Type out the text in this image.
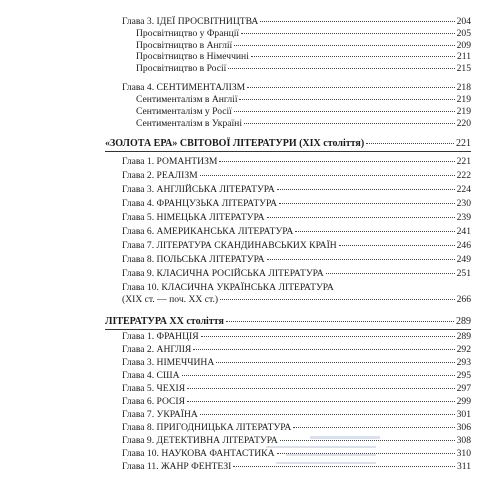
Глава 3. ІДЕЇ ПРОСВІТНИЦТВА	204
Просвітництво у Франції	205
Просвітництво в Англії	209
Просвітництво в Німеччині	211
Просвітництво в Росії	215
Глава 4. СЕНТИМЕНТАЛІЗМ	218
Сентименталізм в Англії	219
Сентименталізм у Росії	219
Сентименталізм в Україні	220
«ЗОЛОТА ЕРА» СВІТОВОЇ ЛІТЕРАТУРИ (XIX століття)	221
Глава 1. РОМАНТИЗМ	221
Глава 2. РЕАЛІЗМ	222
Глава 3. АНГЛІЙСЬКА ЛІТЕРАТУРА	224
Глава 4. ФРАНЦУЗЬКА ЛІТЕРАТУРА	230
Глава 5. НІМЕЦЬКА ЛІТЕРАТУРА	239
Глава 6. АМЕРИКАНСЬКА ЛІТЕРАТУРА	241
Глава 7. ЛІТЕРАТУРА СКАНДИНАВСЬКИХ КРАЇН	246
Глава 8. ПОЛЬСЬКА ЛІТЕРАТУРА	249
Глава 9. КЛАСИЧНА РОСІЙСЬКА ЛІТЕРАТУРА	251
Глава 10. КЛАСИЧНА УКРАЇНСЬКА ЛІТЕРАТУРА
(XIX ст. — поч. XX ст.)	266
ЛІТЕРАТУРА XX століття	289
Глава 1. ФРАНЦІЯ	289
Глава 2. АНГЛІЯ	292
Глава 3. НІМЕЧЧИНА	293
Глава 4. США	295
Глава 5. ЧЕХІЯ	297
Глава 6. РОСІЯ	299
Глава 7. УКРАЇНА	301
Глава 8. ПРИГОДНИЦЬКА ЛІТЕРАТУРА	306
Глава 9. ДЕТЕКТИВНА ЛІТЕРАТУРА	308
Глава 10. НАУКОВА ФАНТАСТИКА	310
Глава 11. ЖАНР ФЕНТЕЗІ	311
